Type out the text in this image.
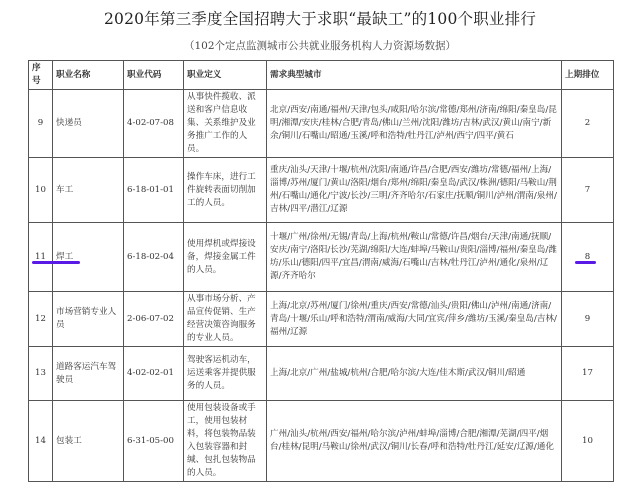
2020年第三季度全国招聘大于求职“最缺工”的100个职业排行
（102个定点监测城市公共就业服务机构人力资源场数据）
序号	职业名称	职业代码	职业定义	需求典型城市	上期排位
9	快递员	4-02-07-08	从事快件揽收、派送和客户信息收集、关系维护及业务推广工作的人员。	北京/西安/南通/福州/天津/包头/咸阳/哈尔滨/常德/郑州/济南/绵阳/秦皇岛/昆明/湘潭/安庆/桂林/合肥/青岛/佛山/兰州/沈阳/潍坊/吉林/武汉/黄山/南宁/新余/铜川/石嘴山/昭通/玉溪/呼和浩特/牡丹江/泸州/西宁/四平/黄石	2
10	车工	6-18-01-01	操作车床，进行工件旋转表面切削加工的人员。	重庆/汕头/天津/十堰/杭州/沈阳/南通/许昌/合肥/西安/潍坊/常德/福州/上海/淄博/苏州/厦门/黄山/洛阳/烟台/郑州/绵阳/秦皇岛/武汉/株洲/德阳/马鞍山/荆州/石嘴山/通化/宁波/长沙/三明/齐齐哈尔/石家庄/抚顺/铜川/泸州/渭南/泉州/吉林/四平/潜江/辽源	7
11	焊工	6-18-02-04	使用焊机或焊接设备，焊接金属工件的人员。	十堰/广州/徐州/无锡/青岛/上海/杭州/鞍山/常德/许昌/烟台/天津/南通/抚顺/安庆/南宁/洛阳/长沙/芜湖/绵阳/大连/蚌埠/马鞍山/贵阳/淄博/福州/秦皇岛/潍坊/乐山/德阳/四平/宜昌/渭南/威海/石嘴山/吉林/牡丹江/泸州/通化/泉州/辽源/齐齐哈尔	8
12	市场营销专业人员	2-06-07-02	从事市场分析、产品宣传促销、生产经营决策咨询服务的专业人员。	上海/北京/苏州/厦门/徐州/重庆/西安/常德/汕头/贵阳/佛山/泸州/南通/济南/青岛/十堰/乐山/呼和浩特/渭南/威海/大同/宜宾/萍乡/潍坊/玉溪/秦皇岛/吉林/福州/辽源	9
13	道路客运汽车驾驶员	4-02-02-01	驾驶客运机动车，运送乘客并提供服务的人员。	上海/北京/广州/盐城/杭州/合肥/哈尔滨/大连/佳木斯/武汉/铜川/昭通	17
14	包装工	6-31-05-00	使用包装设备或手工，使用包装材料，将包装物品装入包装容器和封缄、包扎包装物品的人员。	广州/汕头/杭州/西安/福州/哈尔滨/泸州/蚌埠/淄博/合肥/湘潭/芜湖/四平/烟台/桂林/昆明/马鞍山/徐州/武汉/铜川/长春/呼和浩特/牡丹江/延安/辽源/通化	10
